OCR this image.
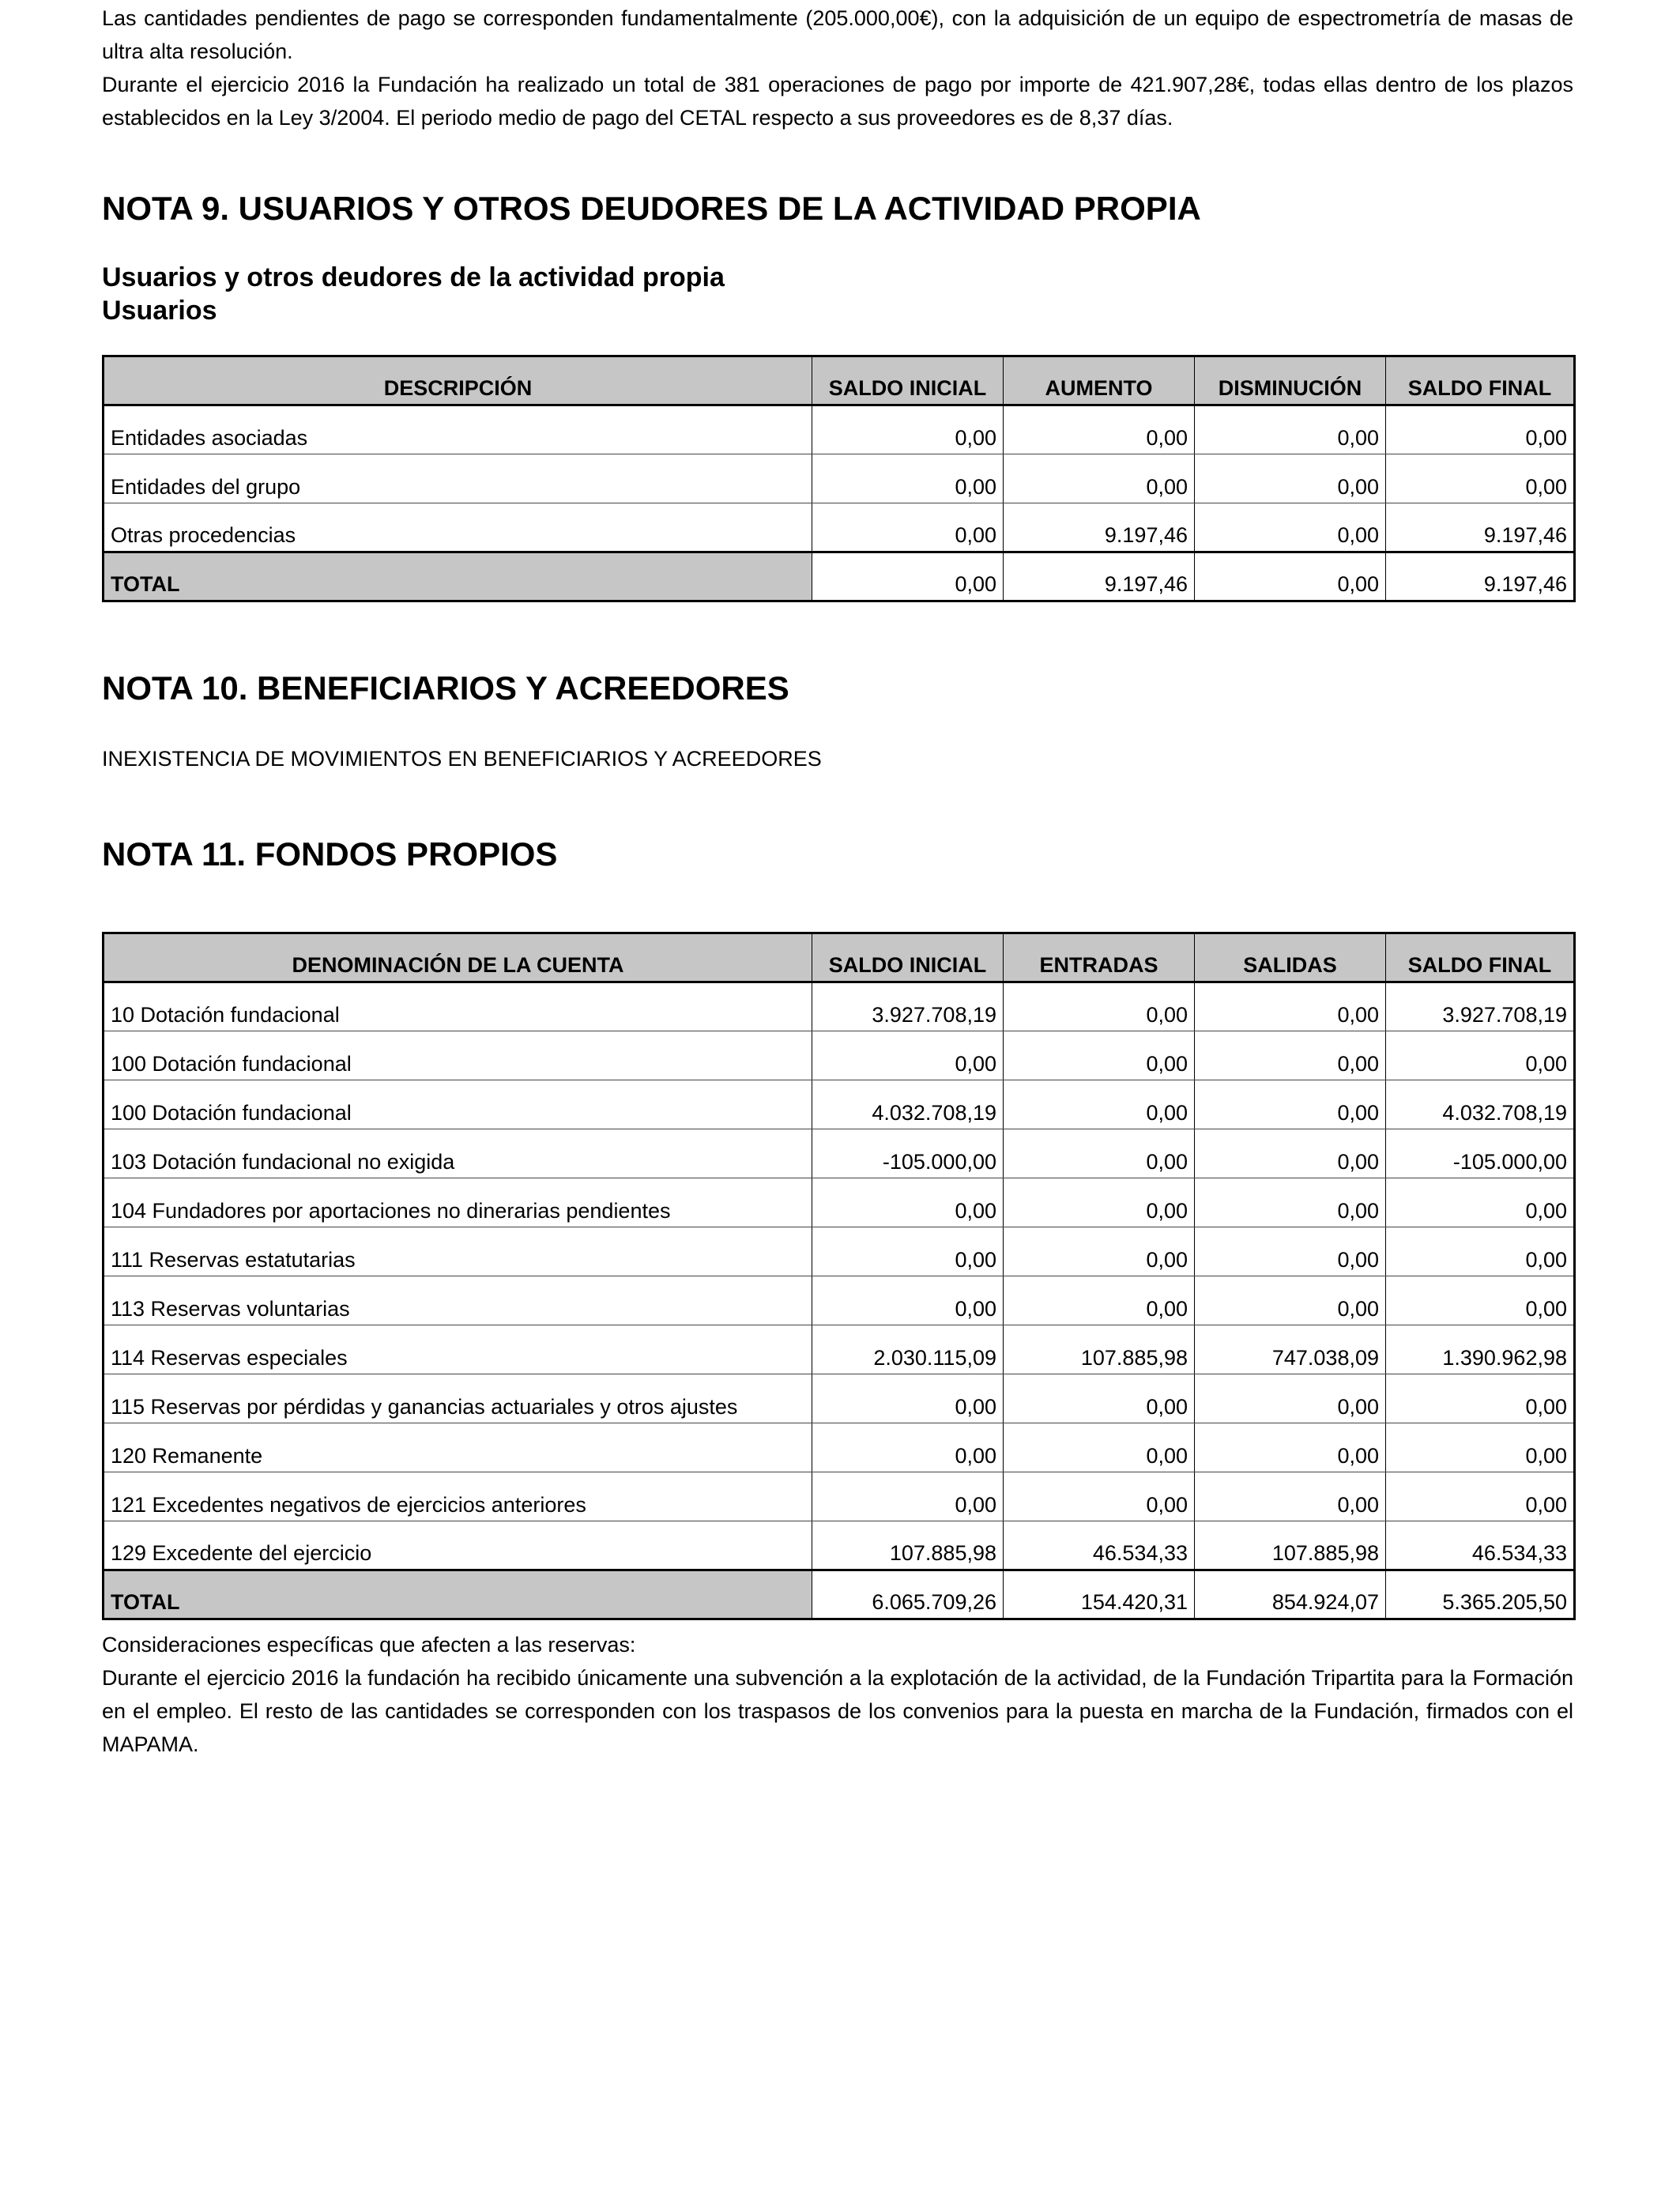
Las cantidades pendientes de pago se corresponden fundamentalmente (205.000,00€), con la adquisición de un equipo de espectrometría de masas de ultra alta resolución.

Durante el ejercicio 2016 la Fundación ha realizado un total de 381 operaciones de pago por importe de 421.907,28€, todas ellas dentro de los plazos establecidos en la Ley 3/2004. El periodo medio de pago del CETAL respecto a sus proveedores es de 8,37 días.

NOTA 9. USUARIOS Y OTROS DEUDORES DE LA ACTIVIDAD PROPIA
Usuarios y otros deudores de la actividad propia
Usuarios
DESCRIPCIÓN	SALDO INICIAL	AUMENTO	DISMINUCIÓN	SALDO FINAL
Entidades asociadas	0,00	0,00	0,00	0,00
Entidades del grupo	0,00	0,00	0,00	0,00
Otras procedencias	0,00	9.197,46	0,00	9.197,46
TOTAL	0,00	9.197,46	0,00	9.197,46
NOTA 10. BENEFICIARIOS Y ACREEDORES
INEXISTENCIA DE MOVIMIENTOS EN BENEFICIARIOS Y ACREEDORES
NOTA 11. FONDOS PROPIOS
DENOMINACIÓN DE LA CUENTA	SALDO INICIAL	ENTRADAS	SALIDAS	SALDO FINAL
10 Dotación fundacional	3.927.708,19	0,00	0,00	3.927.708,19
100 Dotación fundacional	0,00	0,00	0,00	0,00
100 Dotación fundacional	4.032.708,19	0,00	0,00	4.032.708,19
103 Dotación fundacional no exigida	-105.000,00	0,00	0,00	-105.000,00
104 Fundadores por aportaciones no dinerarias pendientes	0,00	0,00	0,00	0,00
111 Reservas estatutarias	0,00	0,00	0,00	0,00
113 Reservas voluntarias	0,00	0,00	0,00	0,00
114 Reservas especiales	2.030.115,09	107.885,98	747.038,09	1.390.962,98
115 Reservas por pérdidas y ganancias actuariales y otros ajustes	0,00	0,00	0,00	0,00
120 Remanente	0,00	0,00	0,00	0,00
121 Excedentes negativos de ejercicios anteriores	0,00	0,00	0,00	0,00
129 Excedente del ejercicio	107.885,98	46.534,33	107.885,98	46.534,33
TOTAL	6.065.709,26	154.420,31	854.924,07	5.365.205,50

Consideraciones específicas que afecten a las reservas:

Durante el ejercicio 2016 la fundación ha recibido únicamente una subvención a la explotación de la actividad, de la Fundación Tripartita para la Formación en el empleo. El resto de las cantidades se corresponden con los traspasos de los convenios para la puesta en marcha de la Fundación, firmados con el MAPAMA.
